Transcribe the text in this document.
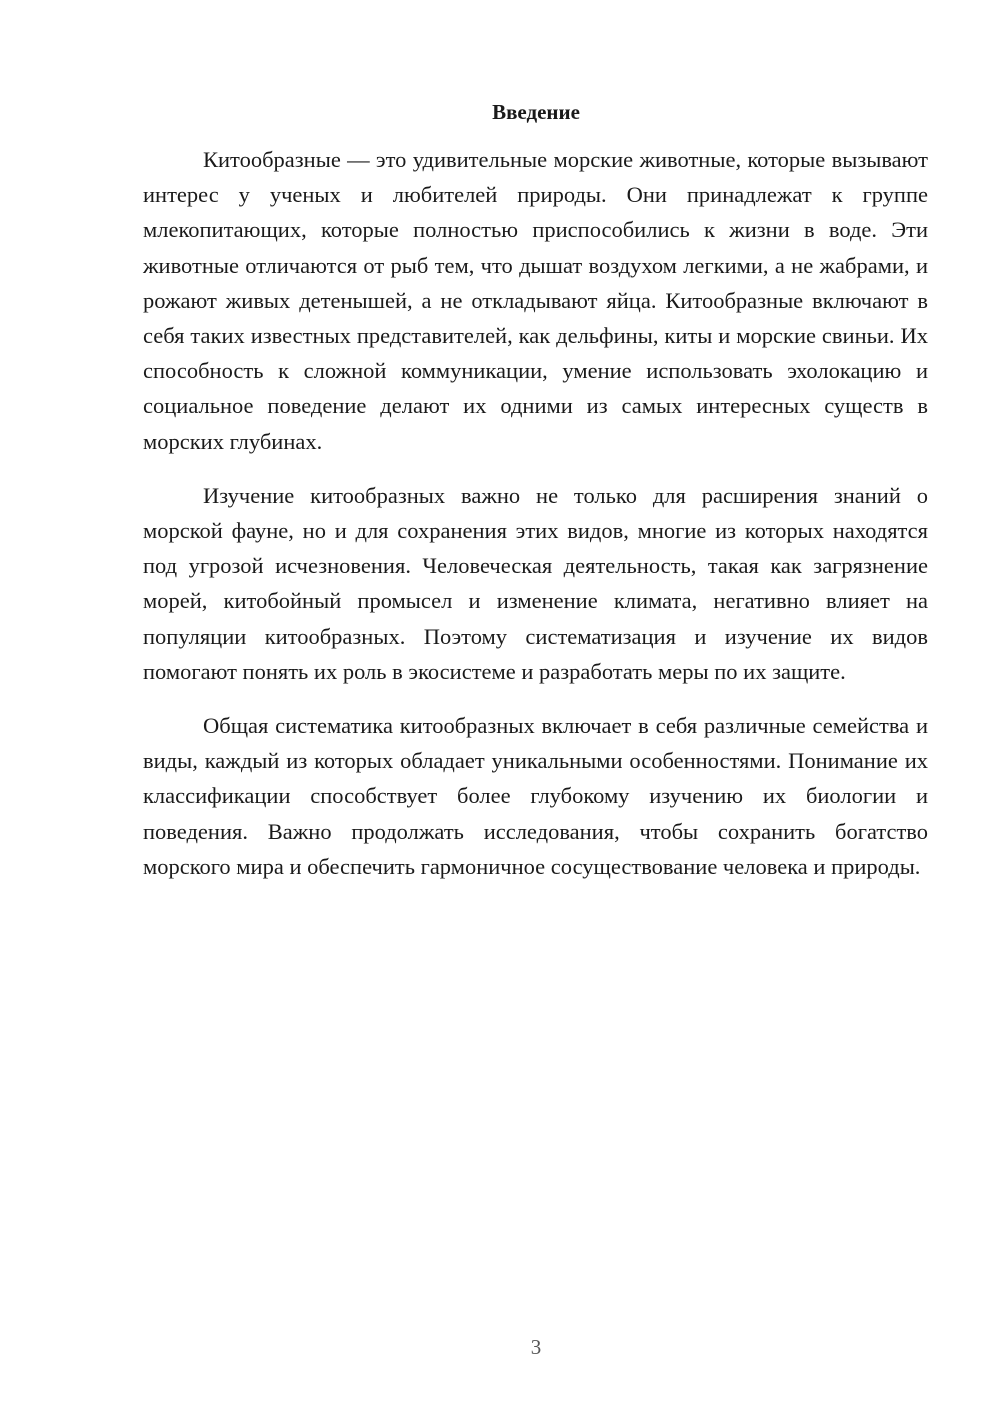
Введение

Китообразные — это удивительные морские животные, которые вызывают интерес у ученых и любителей природы. Они принадлежат к группе млекопитающих, которые полностью приспособились к жизни в воде. Эти животные отличаются от рыб тем, что дышат воздухом легкими, а не жабрами, и рожают живых детенышей, а не откладывают яйца. Китообразные включают в себя таких известных представителей, как дельфины, киты и морские свиньи. Их способность к сложной коммуникации, умение использовать эхолокацию и социальное поведение делают их одними из самых интересных существ в морских глубинах.

Изучение китообразных важно не только для расширения знаний о морской фауне, но и для сохранения этих видов, многие из которых находятся под угрозой исчезновения. Человеческая деятельность, такая как загрязнение морей, китобойный промысел и изменение климата, негативно влияет на популяции китообразных. Поэтому систематизация и изучение их видов помогают понять их роль в экосистеме и разработать меры по их защите.

Общая систематика китообразных включает в себя различные семейства и виды, каждый из которых обладает уникальными особенностями. Понимание их классификации способствует более глубокому изучению их биологии и поведения. Важно продолжать исследования, чтобы сохранить богатство морского мира и обеспечить гармоничное сосуществование человека и природы.

3
